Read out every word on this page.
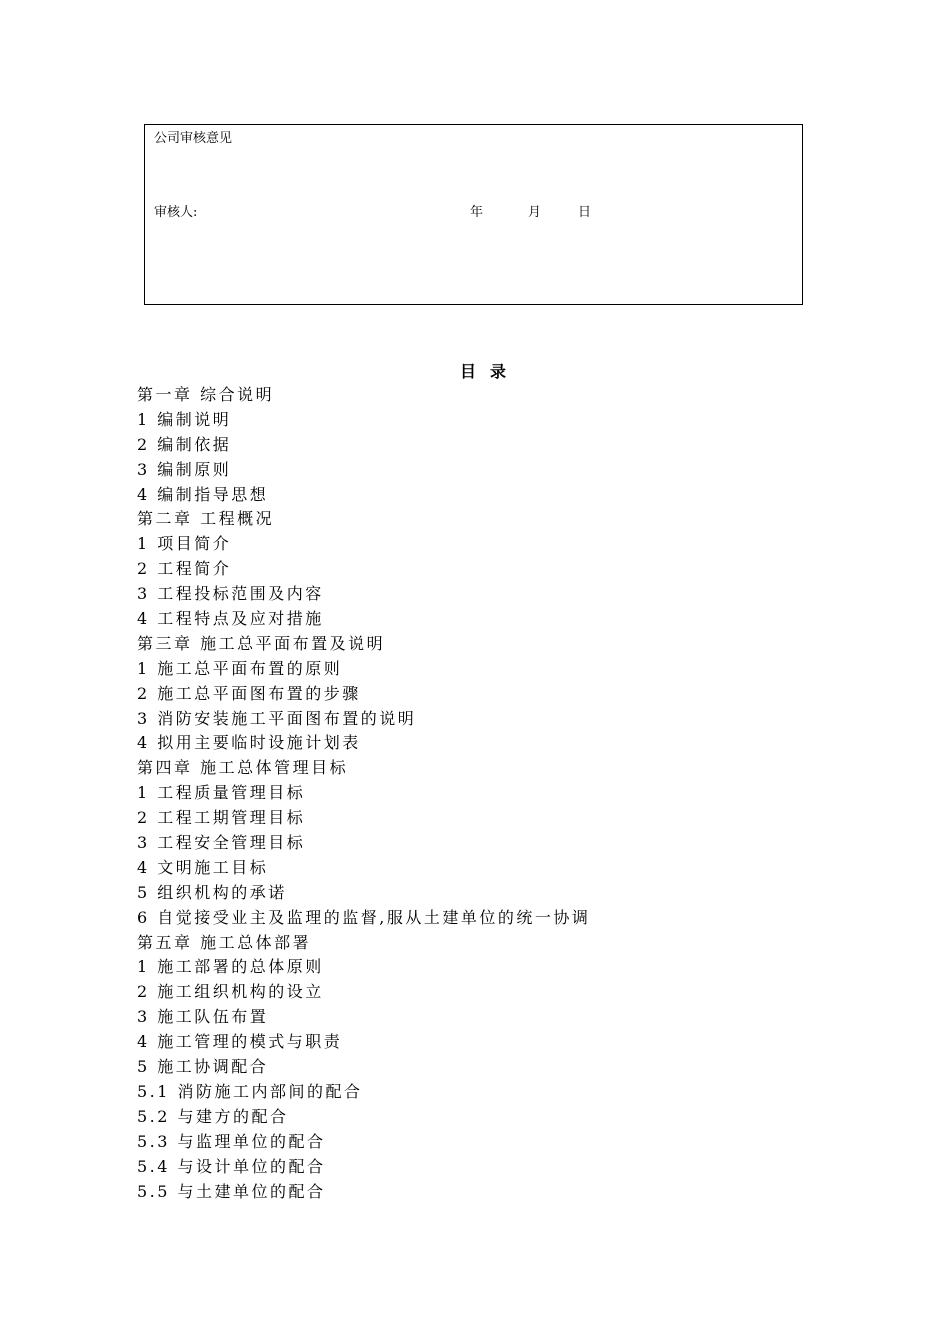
公司审核意见
审核人:	年	月	日
目录
第一章 综合说明
1 编制说明
2 编制依据
3 编制原则
4 编制指导思想
第二章 工程概况
1 项目简介
2 工程简介
3 工程投标范围及内容
4 工程特点及应对措施
第三章 施工总平面布置及说明
1 施工总平面布置的原则
2 施工总平面图布置的步骤
3 消防安装施工平面图布置的说明
4 拟用主要临时设施计划表
第四章 施工总体管理目标
1 工程质量管理目标
2 工程工期管理目标
3 工程安全管理目标
4 文明施工目标
5 组织机构的承诺
6 自觉接受业主及监理的监督,服从土建单位的统一协调
第五章 施工总体部署
1 施工部署的总体原则
2 施工组织机构的设立
3 施工队伍布置
4 施工管理的模式与职责
5 施工协调配合
5.1 消防施工内部间的配合
5.2 与建方的配合
5.3 与监理单位的配合
5.4 与设计单位的配合
5.5 与土建单位的配合
